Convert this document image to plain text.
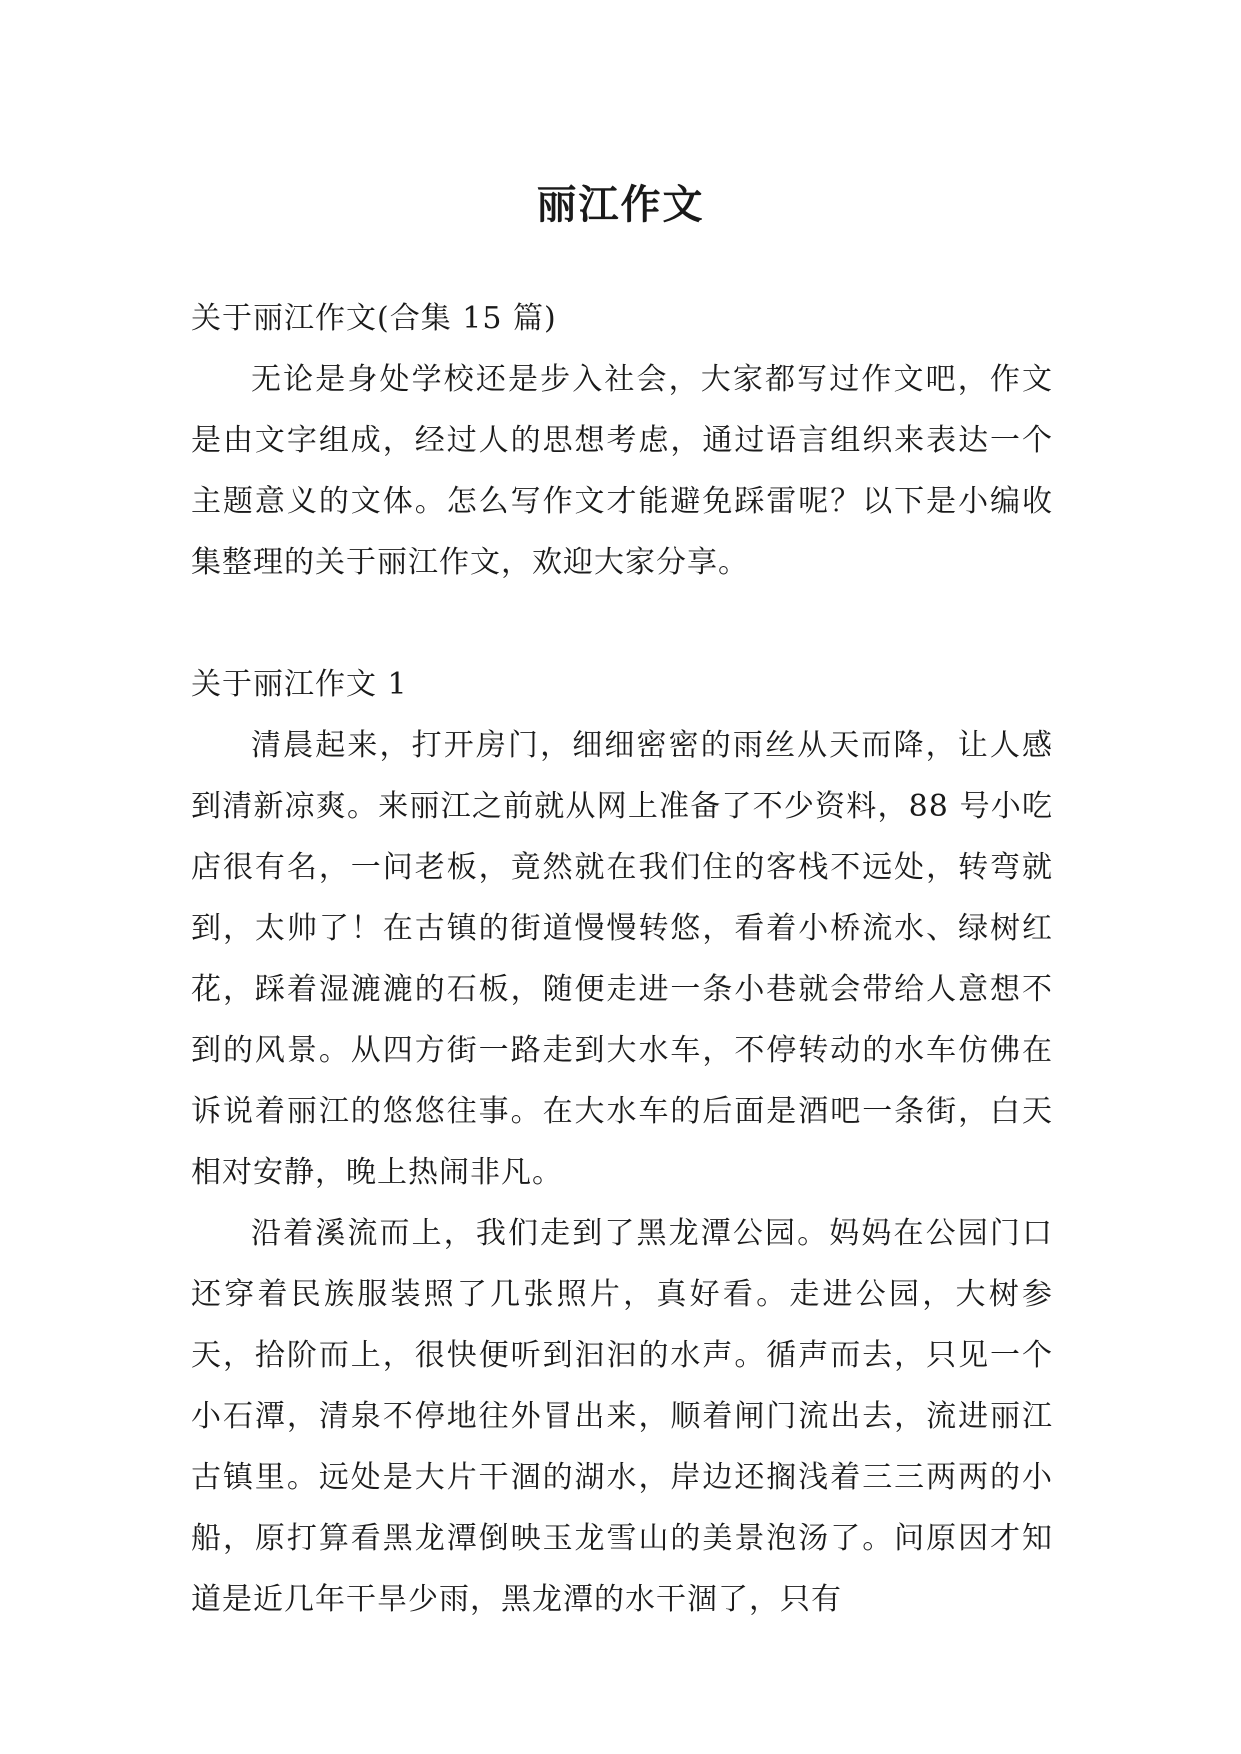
丽江作文

关于丽江作文(合集 15 篇)

无论是身处学校还是步入社会，大家都写过作文吧，作文是由文字组成，经过人的思想考虑，通过语言组织来表达一个主题意义的文体。怎么写作文才能避免踩雷呢？以下是小编收集整理的关于丽江作文，欢迎大家分享。

关于丽江作文 1

清晨起来，打开房门，细细密密的雨丝从天而降，让人感到清新凉爽。来丽江之前就从网上准备了不少资料，88 号小吃店很有名，一问老板，竟然就在我们住的客栈不远处，转弯就到，太帅了！在古镇的街道慢慢转悠，看着小桥流水、绿树红花，踩着湿漉漉的石板，随便走进一条小巷就会带给人意想不到的风景。从四方街一路走到大水车，不停转动的水车仿佛在诉说着丽江的悠悠往事。在大水车的后面是酒吧一条街，白天相对安静，晚上热闹非凡。

沿着溪流而上，我们走到了黑龙潭公园。妈妈在公园门口还穿着民族服装照了几张照片，真好看。走进公园，大树参天，拾阶而上，很快便听到汩汩的水声。循声而去，只见一个小石潭，清泉不停地往外冒出来，顺着闸门流出去，流进丽江古镇里。远处是大片干涸的湖水，岸边还搁浅着三三两两的小船，原打算看黑龙潭倒映玉龙雪山的美景泡汤了。问原因才知道是近几年干旱少雨，黑龙潭的水干涸了，只有
